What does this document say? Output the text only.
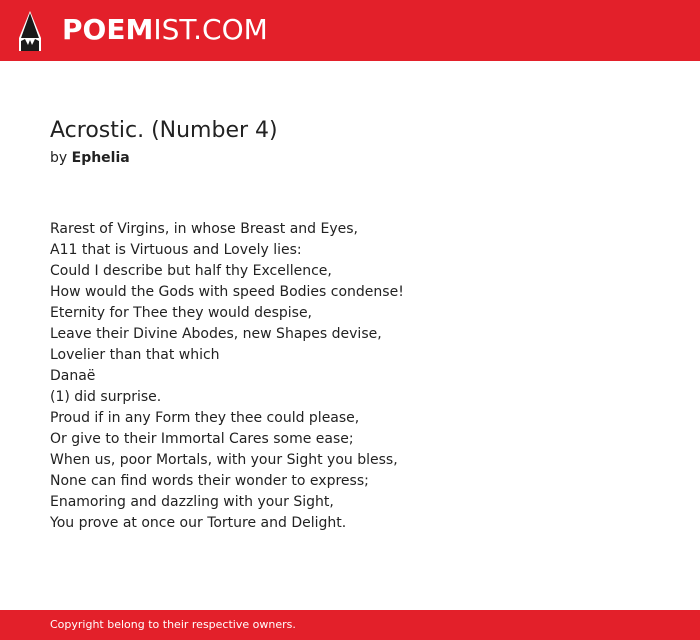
POEMIST.COM
Acrostic. (Number 4)
by Ephelia
Rarest of Virgins, in whose Breast and Eyes,
A11 that is Virtuous and Lovely lies:
Could I describe but half thy Excellence,
How would the Gods with speed Bodies condense!
Eternity for Thee they would despise,
Leave their Divine Abodes, new Shapes devise,
Lovelier than that which
Danaë
(1) did surprise.
Proud if in any Form they thee could please,
Or give to their Immortal Cares some ease;
When us, poor Mortals, with your Sight you bless,
None can find words their wonder to express;
Enamoring and dazzling with your Sight,
You prove at once our Torture and Delight.
Copyright belong to their respective owners.
